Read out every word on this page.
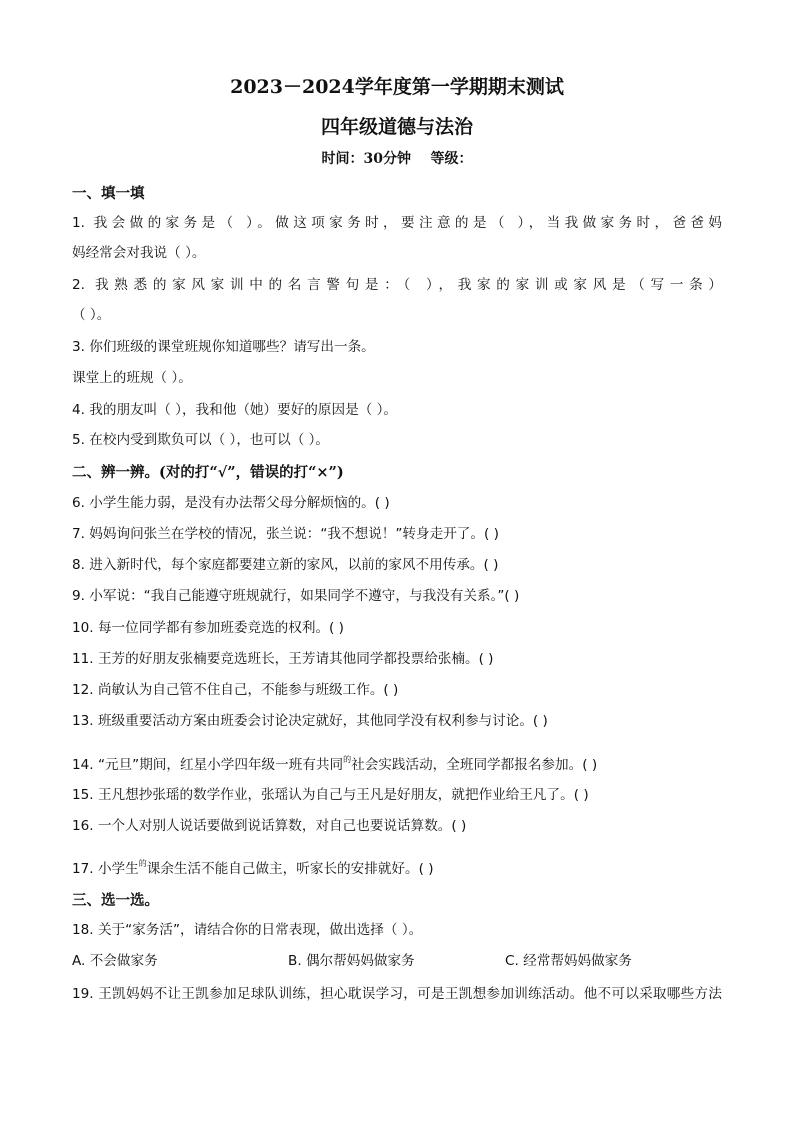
2023－2024学年度第一学期期末测试
四年级道德与法治
时间：30分钟    等级：
一、填一填
1. 我会做的家务是（ ）。做这项家务时，要注意的是（ ），当我做家务时，爸爸妈
妈经常会对我说（ ）。
2. 我熟悉的家风家训中的名言警句是：（ ），我家的家训或家风是（写一条）
（ ）。
3. 你们班级的课堂班规你知道哪些？请写出一条。
课堂上的班规（ ）。
4. 我的朋友叫（ ），我和他（她）要好的原因是（ ）。
5. 在校内受到欺负可以（ ），也可以（ ）。
二、辨一辨。(对的打“√”，错误的打“×”)
6. 小学生能力弱，是没有办法帮父母分解烦恼的。( )
7. 妈妈询问张兰在学校的情况，张兰说：“我不想说！”转身走开了。( )
8. 进入新时代，每个家庭都要建立新的家风，以前的家风不用传承。( )
9. 小军说：“我自己能遵守班规就行，如果同学不遵守，与我没有关系。”( )
10. 每一位同学都有参加班委竞选的权利。( )
11. 王芳的好朋友张楠要竞选班长，王芳请其他同学都投票给张楠。( )
12. 尚敏认为自己管不住自己，不能参与班级工作。( )
13. 班级重要活动方案由班委会讨论决定就好，其他同学没有权利参与讨论。( )
14. “元旦”期间，红星小学四年级一班有共同$^的$社会实践活动，全班同学都报名参加。( )
15. 王凡想抄张瑶的数学作业，张瑶认为自己与王凡是好朋友，就把作业给王凡了。( )
16. 一个人对别人说话要做到说话算数，对自己也要说话算数。( )
17. 小学生$^的$课余生活不能自己做主，听家长的安排就好。( )
三、选一选。
18. 关于“家务活”，请结合你的日常表现，做出选择（ ）。
A. 不会做家务	B. 偶尔帮妈妈做家务	C. 经常帮妈妈做家务
19. 王凯妈妈不让王凯参加足球队训练，担心耽误学习，可是王凯想参加训练活动。他不可以采取哪些方法
